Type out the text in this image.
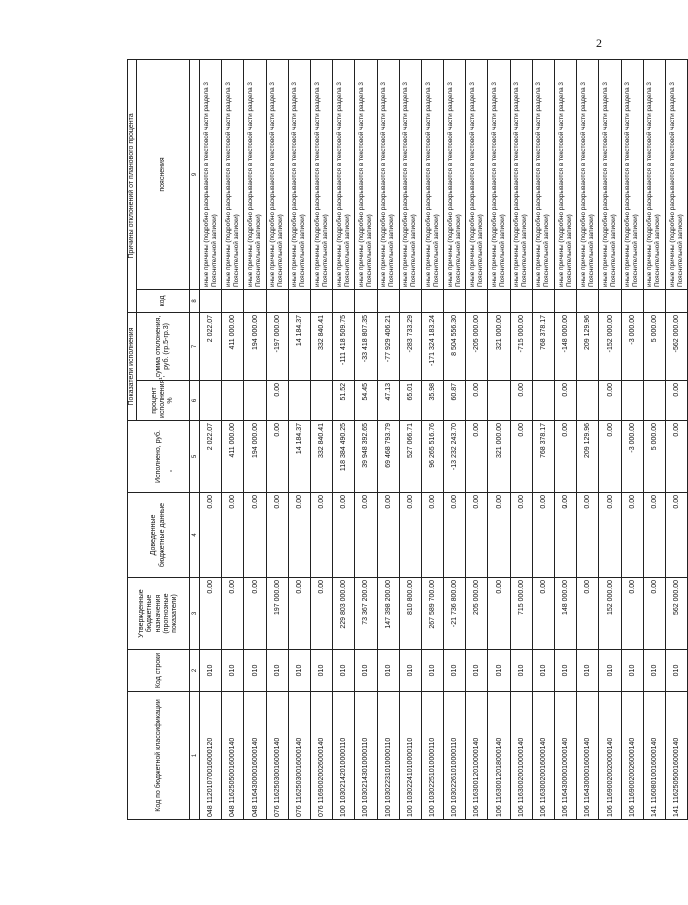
2
Код по бюджетной классификации	Код строки	Утвержденные бюджетные назначения (прогнозные показатели)	Доведенные бюджетные данные	Исполнено, руб.	Показатели исполнения		Причины отклонений от планового процента	
					процент исполнения¹, %	сумма отклонения, руб. (гр.5-гр.3)	код	пояснения
1	2	3	4	5	6	7	8	9
048 11201070016000120	010	0.00	0.00	2 022.07		2 022.07		иные причины (подробно раскрываются в текстовой части раздела 3 Пояснительной записки)
048 11625050016000140	010	0.00	0.00	411 000.00		411 000.00		иные причины (подробно раскрываются в текстовой части раздела 3 Пояснительной записки)
048 11643000016000140	010	0.00	0.00	194 000.00		194 000.00		иные причины (подробно раскрываются в текстовой части раздела 3 Пояснительной записки)
076 11625030016000140	010	197 000.00	0.00	0.00	0.00	-197 000.00		иные причины (подробно раскрываются в текстовой части раздела 3 Пояснительной записки)
076 11625030016000140	010	0.00	0.00	14 184.37		14 184.37		иные причины (подробно раскрываются в текстовой части раздела 3 Пояснительной записки)
076 11690020026000140	010	0.00	0.00	332 840.41		332 840.41		иные причины (подробно раскрываются в текстовой части раздела 3 Пояснительной записки)
100 10302142010000110	010	229 803 000.00	0.00	118 384 490.25	51.52	-111 418 509.75		иные причины (подробно раскрываются в текстовой части раздела 3 Пояснительной записки)
100 10302143010000110	010	73 367 200.00	0.00	39 948 392.65	54.45	-33 418 807.35		иные причины (подробно раскрываются в текстовой части раздела 3 Пояснительной записки)
100 10302231010000110	010	147 398 200.00	0.00	69 468 793.79	47.13	-77 929 406.21		иные причины (подробно раскрываются в текстовой части раздела 3 Пояснительной записки)
100 10302241010000110	010	810 800.00	0.00	527 066.71	65.01	-283 733.29		иные причины (подробно раскрываются в текстовой части раздела 3 Пояснительной записки)
100 10302251010000110	010	267 589 700.00	0.00	96 265 516.76	35.98	-171 324 183.24		иные причины (подробно раскрываются в текстовой части раздела 3 Пояснительной записки)
100 10302261010000110	010	-21 736 800.00	0.00	-13 232 243.70	60.87	8 504 556.30		иные причины (подробно раскрываются в текстовой части раздела 3 Пояснительной записки)
106 11630012010000140	010	205 000.00	0.00	0.00	0.00	-205 000.00		иные причины (подробно раскрываются в текстовой части раздела 3 Пояснительной записки)
106 11630012018000140	010	0.00	0.00	321 000.00		321 000.00		иные причины (подробно раскрываются в текстовой части раздела 3 Пояснительной записки)
106 11630020010000140	010	715 000.00	0.00	0.00	0.00	-715 000.00		иные причины (подробно раскрываются в текстовой части раздела 3 Пояснительной записки)
106 11630020016000140	010	0.00	0.00	768 378.17		768 378.17		иные причины (подробно раскрываются в текстовой части раздела 3 Пояснительной записки)
106 11643000010000140	010	148 000.00	0.00	0.00	0.00	-148 000.00		иные причины (подробно раскрываются в текстовой части раздела 3 Пояснительной записки)
106 11643000016000140	010	0.00	0.00	209 129.96		209 129.96		иные причины (подробно раскрываются в текстовой части раздела 3 Пояснительной записки)
106 11690020020000140	010	152 000.00	0.00	0.00	0.00	-152 000.00		иные причины (подробно раскрываются в текстовой части раздела 3 Пояснительной записки)
106 11690020026000140	010	0.00	0.00	-3 000.00		-3 000.00		иные причины (подробно раскрываются в текстовой части раздела 3 Пояснительной записки)
141 11608010016000140	010	0.00	0.00	5 000.00		5 000.00		иные причины (подробно раскрываются в текстовой части раздела 3 Пояснительной записки)
141 11625050016000140	010	562 000.00	0.00	0.00	0.00	-562 000.00		иные причины (подробно раскрываются в текстовой части раздела 3 Пояснительной записки)
